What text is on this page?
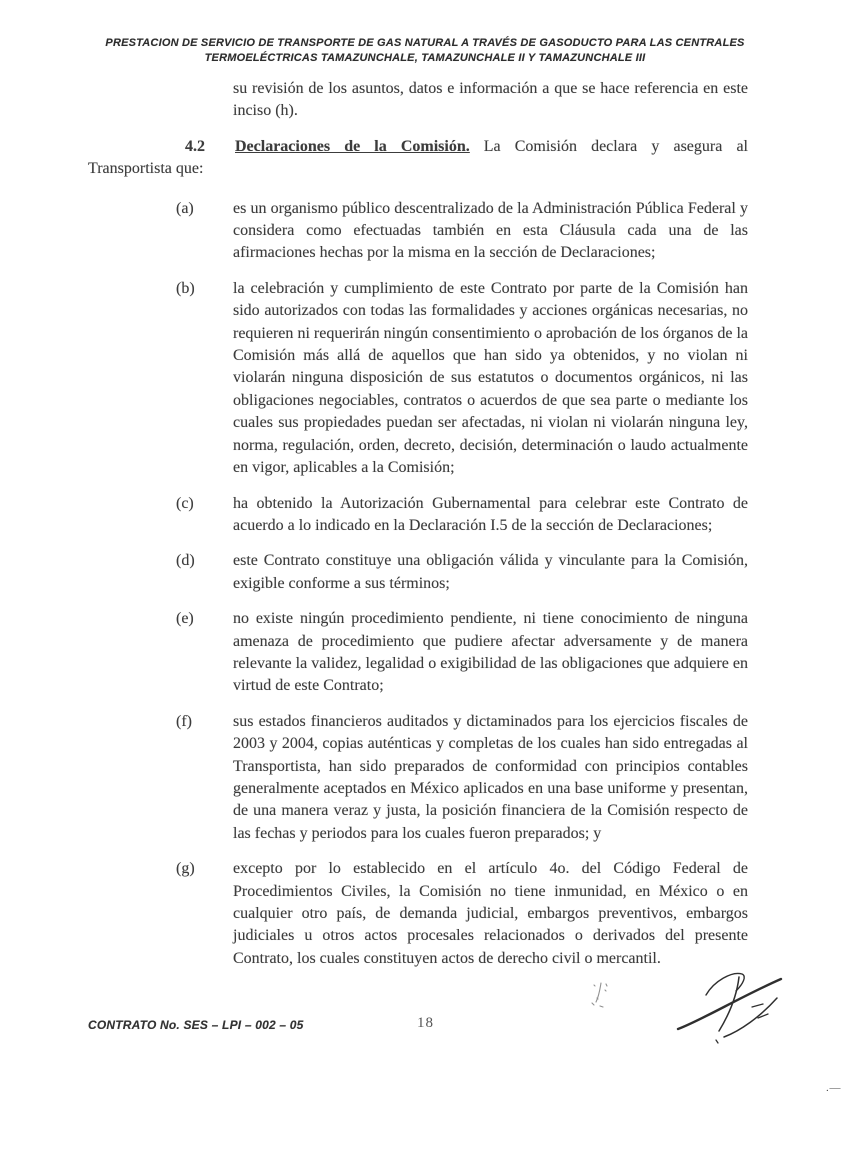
PRESTACION DE SERVICIO DE TRANSPORTE DE GAS NATURAL A TRAVÉS DE GASODUCTO PARA LAS CENTRALES
TERMOELÉCTRICAS TAMAZUNCHALE, TAMAZUNCHALE II Y TAMAZUNCHALE III

su revisión de los asuntos, datos e información a que se hace referencia en este inciso (h).

4.2 Declaraciones de la Comisión. La Comisión declara y asegura al Transportista que:

(a)	es un organismo público descentralizado de la Administración Pública Federal y considera como efectuadas también en esta Cláusula cada una de las afirmaciones hechas por la misma en la sección de Declaraciones;
(b)	la celebración y cumplimiento de este Contrato por parte de la Comisión han sido autorizados con todas las formalidades y acciones orgánicas necesarias, no requieren ni requerirán ningún consentimiento o aprobación de los órganos de la Comisión más allá de aquellos que han sido ya obtenidos, y no violan ni violarán ninguna disposición de sus estatutos o documentos orgánicos, ni las obligaciones negociables, contratos o acuerdos de que sea parte o mediante los cuales sus propiedades puedan ser afectadas, ni violan ni violarán ninguna ley, norma, regulación, orden, decreto, decisión, determinación o laudo actualmente en vigor, aplicables a la Comisión;
(c)	ha obtenido la Autorización Gubernamental para celebrar este Contrato de acuerdo a lo indicado en la Declaración I.5 de la sección de Declaraciones;
(d)	este Contrato constituye una obligación válida y vinculante para la Comisión, exigible conforme a sus términos;
(e)	no existe ningún procedimiento pendiente, ni tiene conocimiento de ninguna amenaza de procedimiento que pudiere afectar adversamente y de manera relevante la validez, legalidad o exigibilidad de las obligaciones que adquiere en virtud de este Contrato;
(f)	sus estados financieros auditados y dictaminados para los ejercicios fiscales de 2003 y 2004, copias auténticas y completas de los cuales han sido entregadas al Transportista, han sido preparados de conformidad con principios contables generalmente aceptados en México aplicados en una base uniforme y presentan, de una manera veraz y justa, la posición financiera de la Comisión respecto de las fechas y periodos para los cuales fueron preparados; y
(g)	excepto por lo establecido en el artículo 4o. del Código Federal de Procedimientos Civiles, la Comisión no tiene inmunidad, en México o en cualquier otro país, de demanda judicial, embargos preventivos, embargos judiciales u otros actos procesales relacionados o derivados del presente Contrato, los cuales constituyen actos de derecho civil o mercantil.
CONTRATO No. SES – LPI – 002 – 05	18
. —
